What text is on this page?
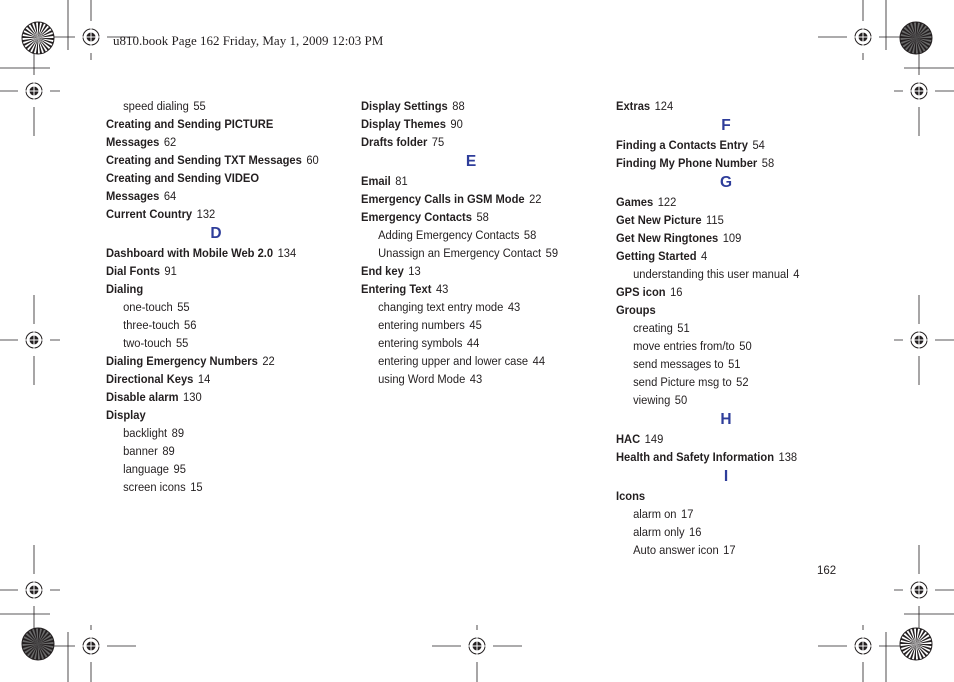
u810.book Page 162 Friday, May 1, 2009 12:03 PM
speed dialing 55
Creating and Sending PICTURE
Messages 62
Creating and Sending TXT Messages 60
Creating and Sending VIDEO
Messages 64
Current Country 132
D
Dashboard with Mobile Web 2.0 134
Dial Fonts 91
Dialing
one-touch 55
three-touch 56
two-touch 55
Dialing Emergency Numbers 22
Directional Keys 14
Disable alarm 130
Display
backlight 89
banner 89
language 95
screen icons 15
Display Settings 88
Display Themes 90
Drafts folder 75
E
Email 81
Emergency Calls in GSM Mode 22
Emergency Contacts 58
Adding Emergency Contacts 58
Unassign an Emergency Contact 59
End key 13
Entering Text 43
changing text entry mode 43
entering numbers 45
entering symbols 44
entering upper and lower case 44
using Word Mode 43
Extras 124
F
Finding a Contacts Entry 54
Finding My Phone Number 58
G
Games 122
Get New Picture 115
Get New Ringtones 109
Getting Started 4
understanding this user manual 4
GPS icon 16
Groups
creating 51
move entries from/to 50
send messages to 51
send Picture msg to 52
viewing 50
H
HAC 149
Health and Safety Information 138
I
Icons
alarm on 17
alarm only 16
Auto answer icon 17
162
